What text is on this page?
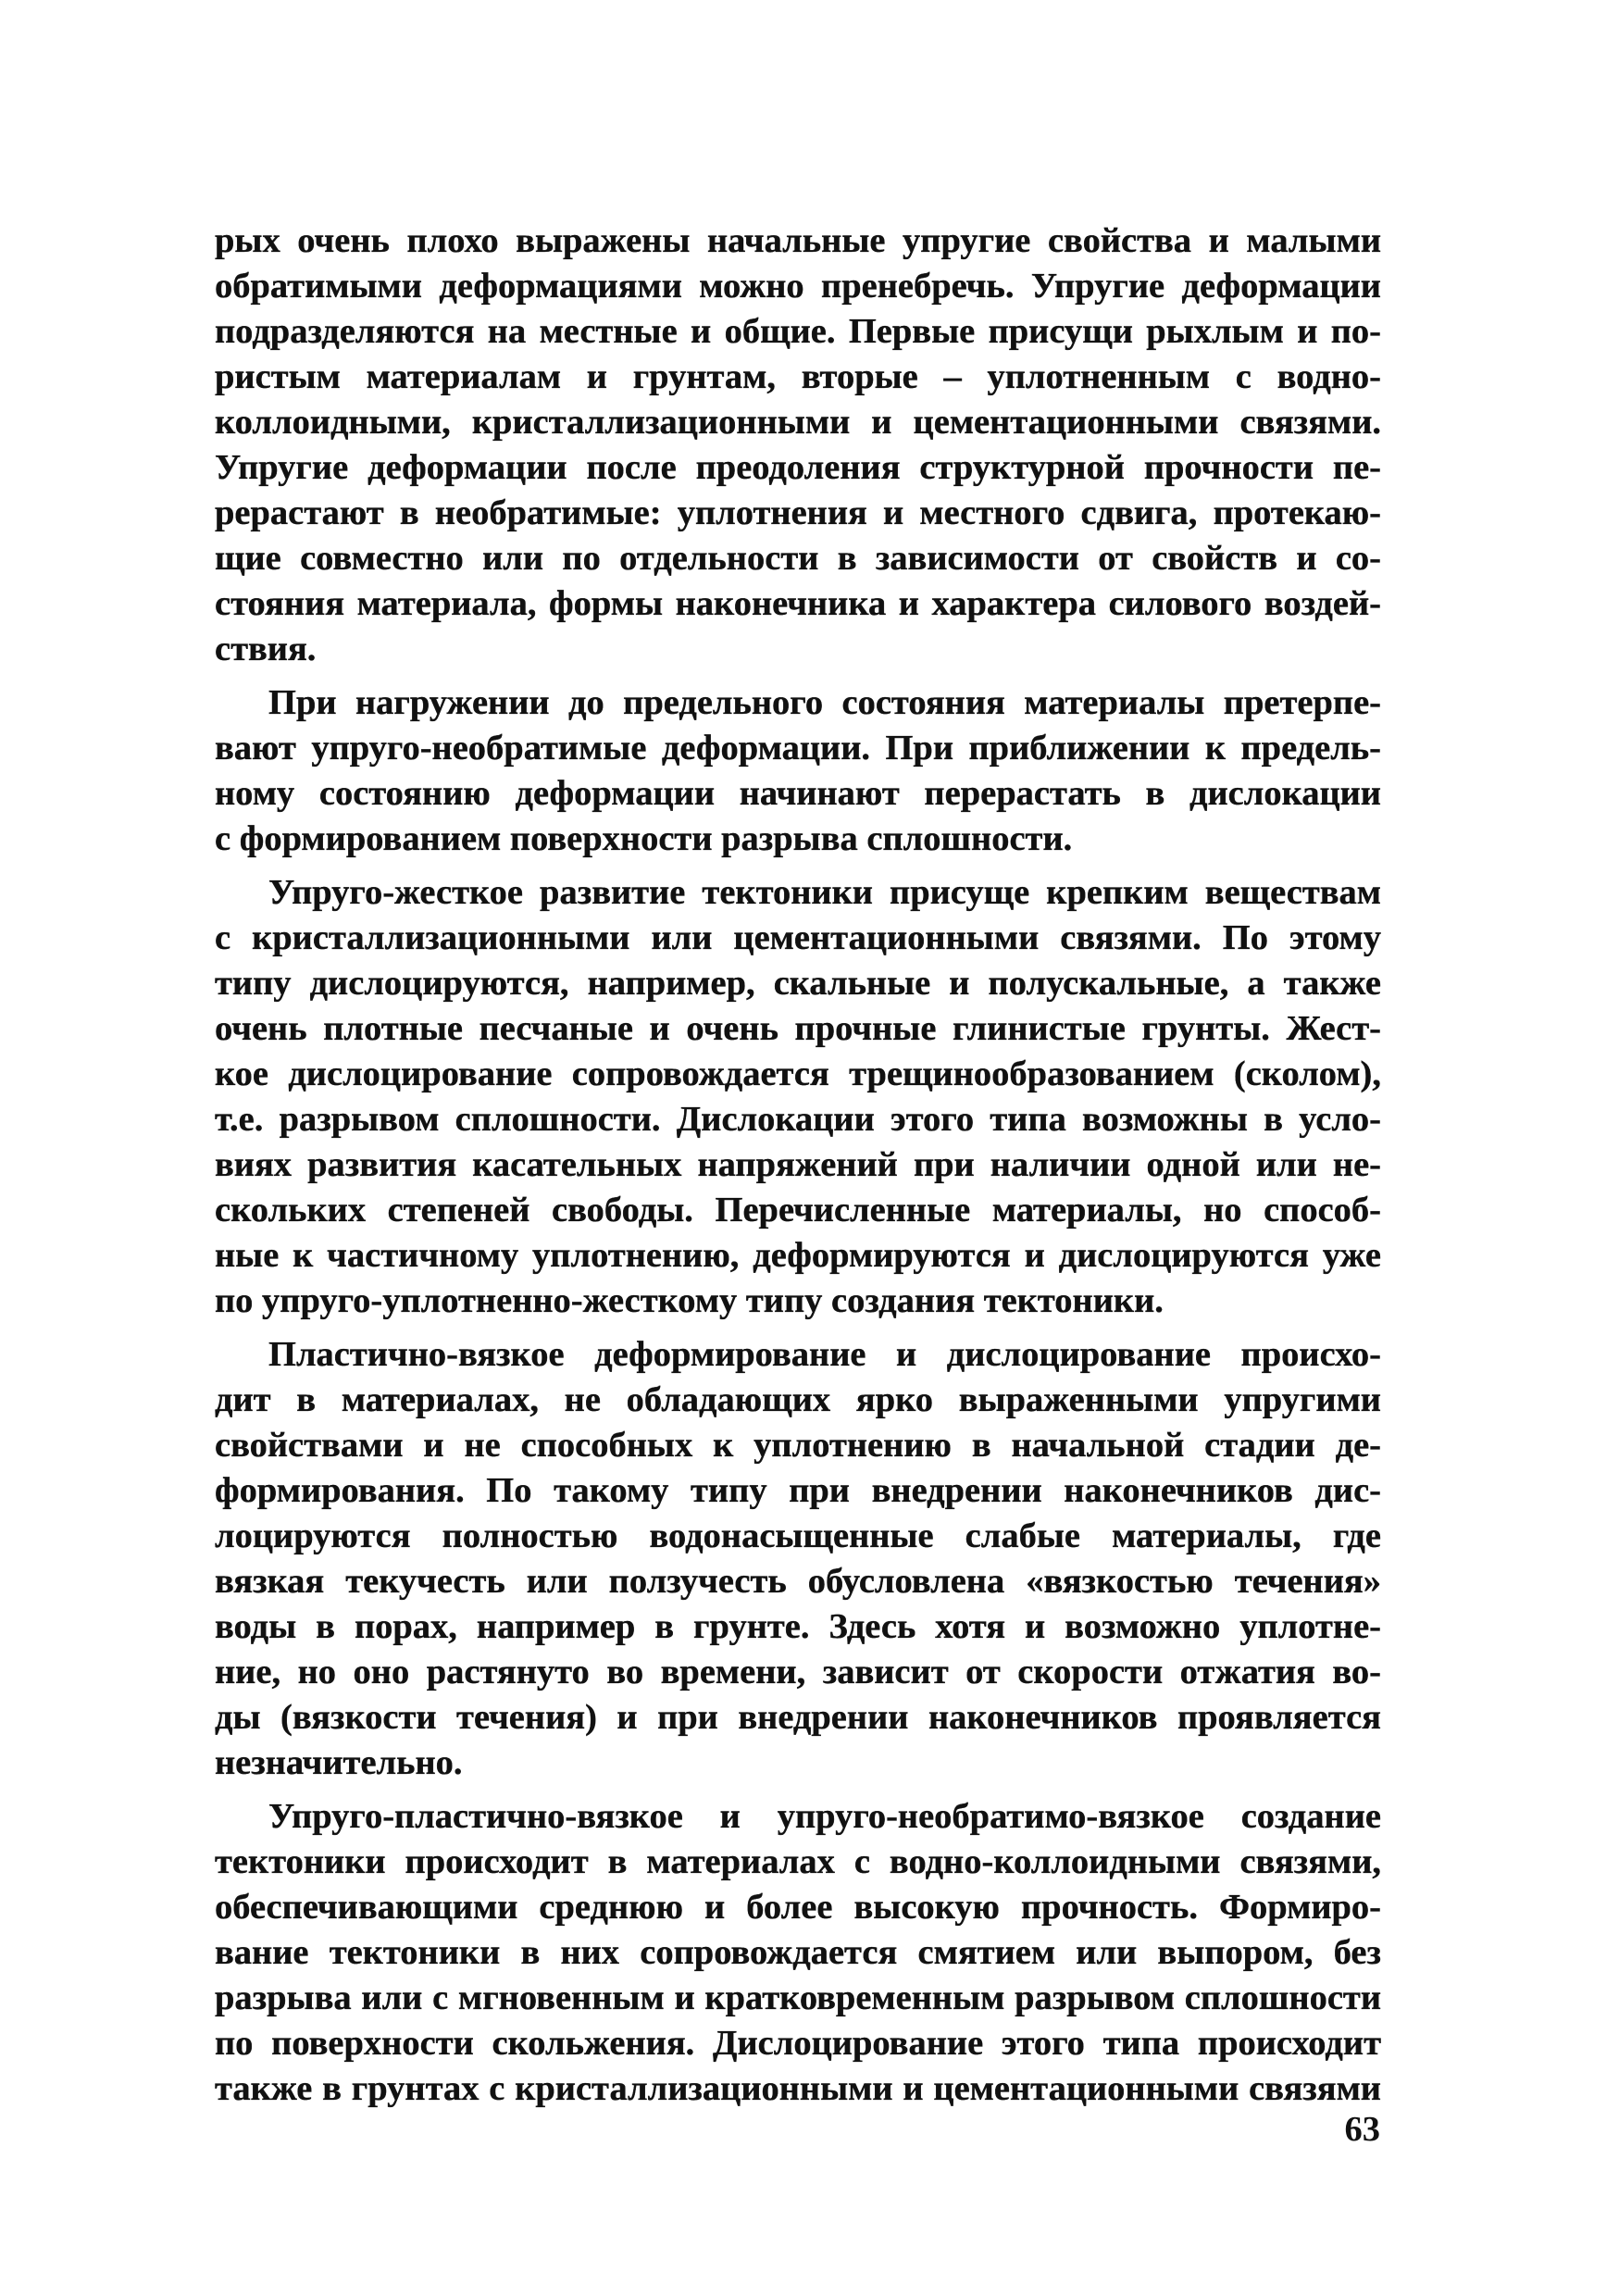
рых очень плохо выражены начальные упругие свойства и малыми
обратимыми деформациями можно пренебречь. Упругие деформации
подразделяются на местные и общие. Первые присущи рыхлым и по-
ристым материалам и грунтам, вторые – уплотненным с водно-
коллоидными, кристаллизационными и цементационными связями.
Упругие деформации после преодоления структурной прочности пе-
рерастают в необратимые: уплотнения и местного сдвига, протекаю-
щие совместно или по отдельности в зависимости от свойств и со-
стояния материала, формы наконечника и характера силового воздей-
ствия.
При нагружении до предельного состояния материалы претерпе-
вают упруго-необратимые деформации. При приближении к предель-
ному состоянию деформации начинают перерастать в дислокации
с формированием поверхности разрыва сплошности.
Упруго-жесткое развитие тектоники присуще крепким веществам
с кристаллизационными или цементационными связями. По этому
типу дислоцируются, например, скальные и полускальные, а также
очень плотные песчаные и очень прочные глинистые грунты. Жест-
кое дислоцирование сопровождается трещинообразованием (сколом),
т.е. разрывом сплошности. Дислокации этого типа возможны в усло-
виях развития касательных напряжений при наличии одной или не-
скольких степеней свободы. Перечисленные материалы, но способ-
ные к частичному уплотнению, деформируются и дислоцируются уже
по упруго-уплотненно-жесткому типу создания тектоники.
Пластично-вязкое деформирование и дислоцирование происхо-
дит в материалах, не обладающих ярко выраженными упругими
свойствами и не способных к уплотнению в начальной стадии де-
формирования. По такому типу при внедрении наконечников дис-
лоцируются полностью водонасыщенные слабые материалы, где
вязкая текучесть или ползучесть обусловлена «вязкостью течения»
воды в порах, например в грунте. Здесь хотя и возможно уплотне-
ние, но оно растянуто во времени, зависит от скорости отжатия во-
ды (вязкости течения) и при внедрении наконечников проявляется
незначительно.
Упруго-пластично-вязкое и упруго-необратимо-вязкое создание
тектоники происходит в материалах с водно-коллоидными связями,
обеспечивающими среднюю и более высокую прочность. Формиро-
вание тектоники в них сопровождается смятием или выпором, без
разрыва или с мгновенным и кратковременным разрывом сплошности
по поверхности скольжения. Дислоцирование этого типа происходит
также в грунтах с кристаллизационными и цементационными связями
63
